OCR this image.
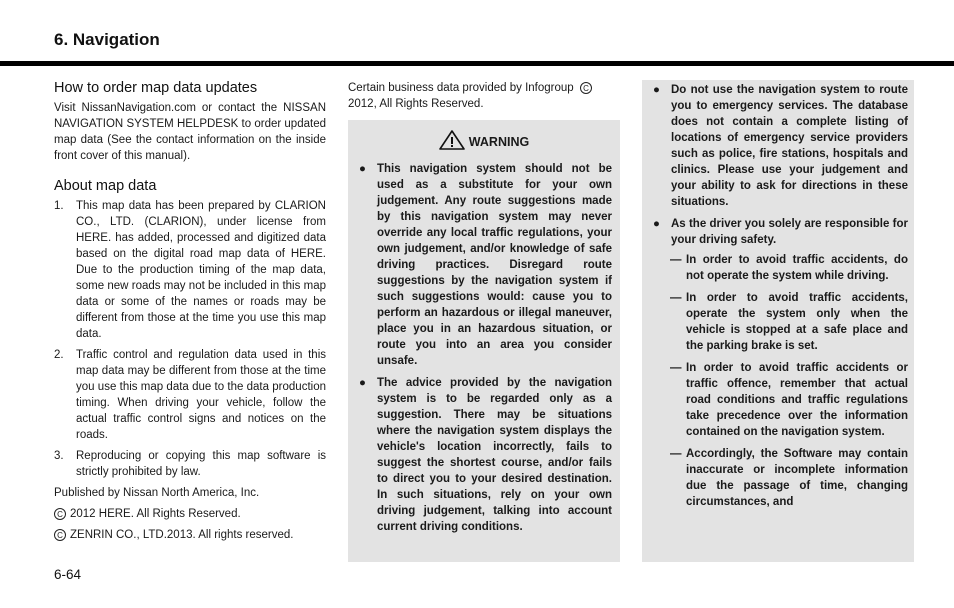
6. Navigation
How to order map data updates

Visit NissanNavigation.com or contact the NISSAN NAVIGATION SYSTEM HELPDESK to order updated map data (See the contact information on the inside front cover of this manual).

About map data
1. This map data has been prepared by CLARION CO., LTD. (CLARION), under license from HERE. has added, processed and digitized data based on the digital road map data of HERE. Due to the production timing of the map data, some new roads may not be included in this map data or some of the names or roads may be different from those at the time you use this map data.
2. Traffic control and regulation data used in this map data may be different from those at the time you use this map data due to the data production timing. When driving your vehicle, follow the actual traffic control signs and notices on the roads.
3. Reproducing or copying this map software is strictly prohibited by law.

Published by Nissan North America, Inc.

C 2012 HERE. All Rights Reserved.

C ZENRIN CO., LTD.2013. All rights reserved.

Certain business data provided by Infogroup C
2012, All Rights Reserved.

WARNING
● This navigation system should not be used as a substitute for your own judgement. Any route suggestions made by this navigation system may never override any local traffic regulations, your own judgement, and/or knowledge of safe driving practices. Disregard route suggestions by the navigation system if such suggestions would: cause you to perform an hazardous or illegal maneuver, place you in an hazardous situation, or route you into an area you consider unsafe.
● The advice provided by the navigation system is to be regarded only as a suggestion. There may be situations where the navigation system displays the vehicle's location incorrectly, fails to suggest the shortest course, and/or fails to direct you to your desired destination. In such situations, rely on your own driving judgement, talking into account current driving conditions.
● Do not use the navigation system to route you to emergency services. The database does not contain a complete listing of locations of emergency service providers such as police, fire stations, hospitals and clinics. Please use your judgement and your ability to ask for directions in these situations.
● As the driver you solely are responsible for your driving safety.
— In order to avoid traffic accidents, do not operate the system while driving.
— In order to avoid traffic accidents, operate the system only when the vehicle is stopped at a safe place and the parking brake is set.
— In order to avoid traffic accidents or traffic offence, remember that actual road conditions and traffic regulations take precedence over the information contained on the navigation system.
— Accordingly, the Software may contain inaccurate or incomplete information due the passage of time, changing circumstances, and
6-64
